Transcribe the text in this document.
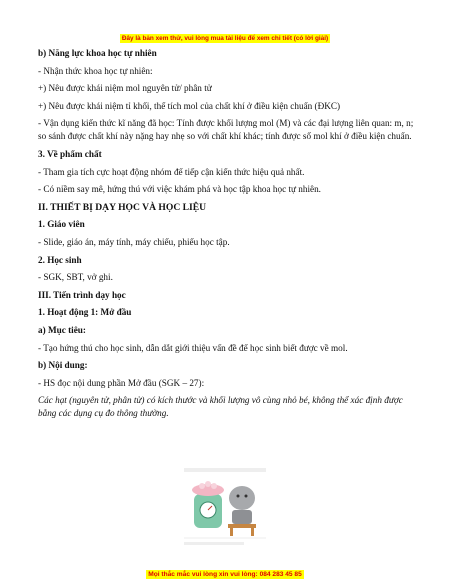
Đây là bản xem thử, vui lòng mua tài liệu để xem chi tiết (có lời giải)

b) Năng lực khoa học tự nhiên

- Nhận thức khoa học tự nhiên:

+) Nêu được khái niệm mol nguyên tử/ phân tử

+) Nêu được khái niệm tỉ khối, thể tích mol của chất khí ở điều kiện chuẩn (ĐKC)

- Vận dụng kiến thức kĩ năng đã học: Tính được khối lượng mol (M) và các đại lượng liên quan: m, n; so sánh được chất khí này nặng hay nhẹ so với chất khí khác; tính được số mol khí ở điều kiện chuẩn.

3. Về phẩm chất

- Tham gia tích cực hoạt động nhóm để tiếp cận kiến thức hiệu quả nhất.

- Có niềm say mê, hứng thú với việc khám phá và học tập khoa học tự nhiên.

II. THIẾT BỊ DẠY HỌC VÀ HỌC LIỆU

1. Giáo viên

- Slide, giáo án, máy tính, máy chiếu, phiếu học tập.

2. Học sinh

- SGK, SBT, vở ghi.

III. Tiến trình dạy học

1. Hoạt động 1: Mở đầu

a) Mục tiêu:

- Tạo hứng thú cho học sinh, dẫn dắt giới thiệu vấn đề để học sinh biết được về mol.

b) Nội dung:

- HS đọc nội dung phần Mở đầu (SGK – 27):

Các hạt (nguyên tử, phân tử) có kích thước và khối lượng vô cùng nhỏ bé, không thể xác định được bằng các dụng cụ đo thông thường.

Mọi thắc mắc vui lòng xin vui lòng: 084 283 45 85
